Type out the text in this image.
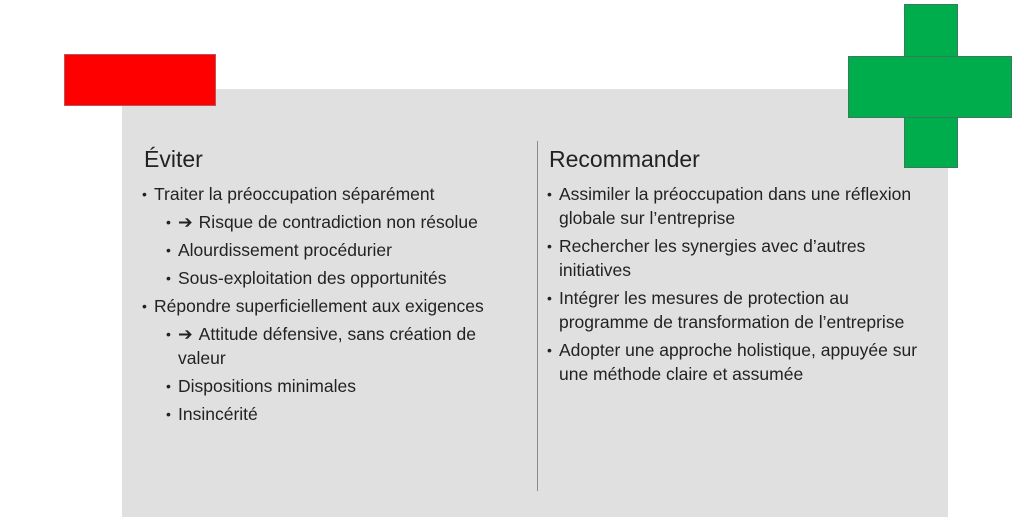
Éviter
• Traiter la préoccupation séparément
• ➔ Risque de contradiction non résolue
• Alourdissement procédurier
• Sous-exploitation des opportunités
• Répondre superficiellement aux exigences
• ➔ Attitude défensive, sans création de valeur
• Dispositions minimales
• Insincérité
Recommander
• Assimiler la préoccupation dans une réflexion globale sur l’entreprise
• Rechercher les synergies avec d’autres initiatives
• Intégrer les mesures de protection au programme de transformation de l’entreprise
• Adopter une approche holistique, appuyée sur une méthode claire et assumée
